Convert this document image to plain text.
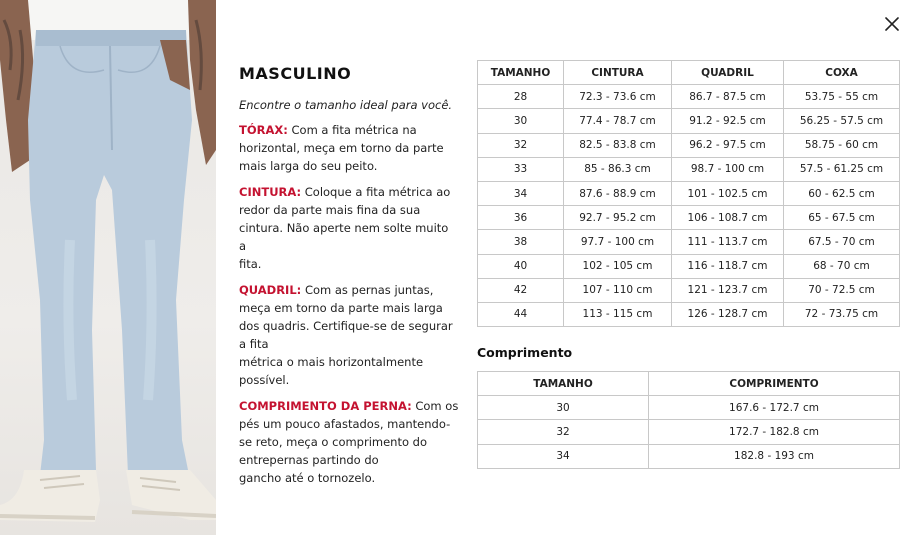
MASCULINO
Encontre o tamanho ideal para você.
TÓRAX: Com a fita métrica na
horizontal, meça em torno da parte
mais larga do seu peito.
CINTURA: Coloque a fita métrica ao
redor da parte mais fina da sua
cintura. Não aperte nem solte muito a
fita.
QUADRIL: Com as pernas juntas,
meça em torno da parte mais larga
dos quadris. Certifique-se de segurar
a fita
métrica o mais horizontalmente
possível.
COMPRIMENTO DA PERNA: Com os
pés um pouco afastados, mantendo-
se reto, meça o comprimento do
entrepernas partindo do
gancho até o tornozelo.
TAMANHO	CINTURA	QUADRIL	COXA
28	72.3 - 73.6 cm	86.7 - 87.5 cm	53.75 - 55 cm
30	77.4 - 78.7 cm	91.2 - 92.5 cm	56.25 - 57.5 cm
32	82.5 - 83.8 cm	96.2 - 97.5 cm	58.75 - 60 cm
33	85 - 86.3 cm	98.7 - 100 cm	57.5 - 61.25 cm
34	87.6 - 88.9 cm	101 - 102.5 cm	60 - 62.5 cm
36	92.7 - 95.2 cm	106 - 108.7 cm	65 - 67.5 cm
38	97.7 - 100 cm	111 - 113.7 cm	67.5 - 70 cm
40	102 - 105 cm	116 - 118.7 cm	68 - 70 cm
42	107 - 110 cm	121 - 123.7 cm	70 - 72.5 cm
44	113 - 115 cm	126 - 128.7 cm	72 - 73.75 cm
Comprimento
TAMANHO	COMPRIMENTO
30	167.6 - 172.7 cm
32	172.7 - 182.8 cm
34	182.8 - 193 cm
